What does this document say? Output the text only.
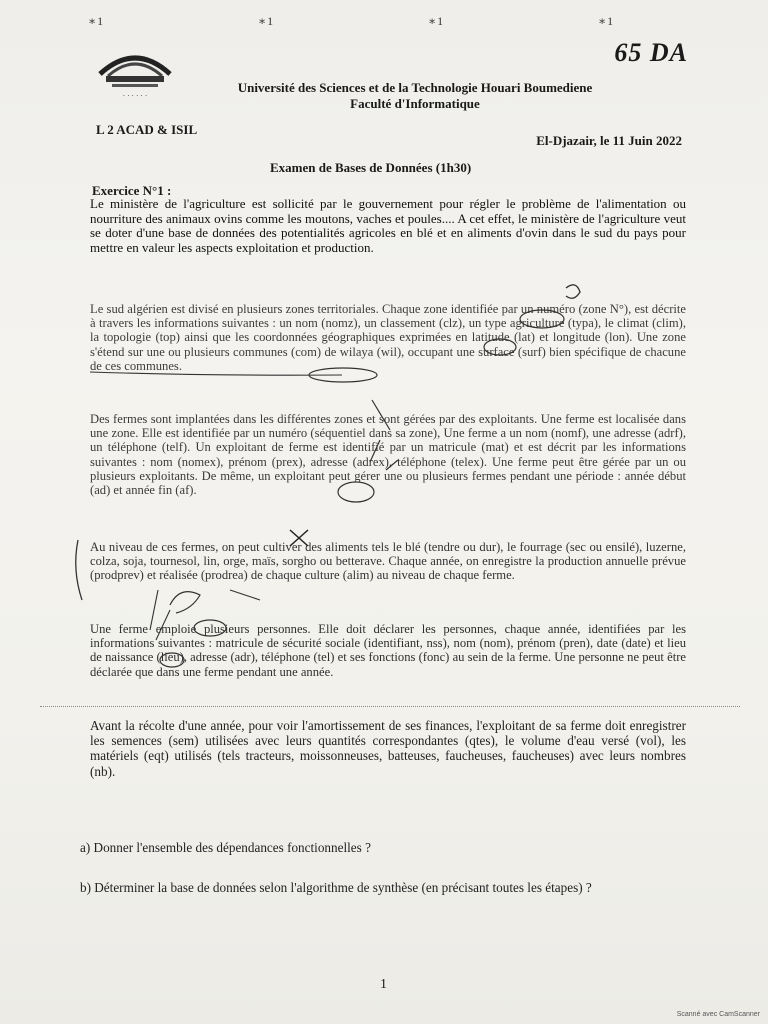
∗1	∗1	∗1	∗1
65 DA
· · · · · ·
Université des Sciences et de la Technologie Houari Boumediene
Faculté d'Informatique
L 2 ACAD & ISIL
El-Djazair, le 11 Juin 2022
Examen de Bases de Données (1h30)
Exercice N°1 :
Le ministère de l'agriculture est sollicité par le gouvernement pour régler le problème de l'alimentation ou nourriture des animaux ovins comme les moutons, vaches et poules.... A cet effet, le ministère de l'agriculture veut se doter d'une base de données des potentialités agricoles en blé et en aliments d'ovin dans le sud du pays pour mettre en valeur les aspects exploitation et production.
Le sud algérien est divisé en plusieurs zones territoriales. Chaque zone identifiée par un numéro (zone N°), est décrite à travers les informations suivantes : un nom (nomz), un classement (clz), un type agriculture (typa), le climat (clim), la topologie (top) ainsi que les coordonnées géographiques exprimées en latitude (lat) et longitude (lon). Une zone s'étend sur une ou plusieurs communes (com) de wilaya (wil), occupant une surface (surf) bien spécifique de chacune de ces communes.
Des fermes sont implantées dans les différentes zones et sont gérées par des exploitants. Une ferme est localisée dans une zone. Elle est identifiée par un numéro (séquentiel dans sa zone), Une ferme a un nom (nomf), une adresse (adrf), un téléphone (telf). Un exploitant de ferme est identifié par un matricule (mat) et est décrit par les informations suivantes : nom (nomex), prénom (prex), adresse (adrex), téléphone (telex). Une ferme peut être gérée par un ou plusieurs exploitants. De même, un exploitant peut gérer une ou plusieurs fermes pendant une période : année début (ad) et année fin (af).
Au niveau de ces fermes, on peut cultiver des aliments tels le blé (tendre ou dur), le fourrage (sec ou ensilé), luzerne, colza, soja, tournesol, lin, orge, maïs, sorgho ou betterave. Chaque année, on enregistre la production annuelle prévue (prodprev) et réalisée (prodrea) de chaque culture (alim) au niveau de chaque ferme.
Une ferme emploie plusieurs personnes. Elle doit déclarer les personnes, chaque année, identifiées par les informations suivantes : matricule de sécurité sociale (identifiant, nss), nom (nom), prénom (pren), date (date) et lieu de naissance (lieu), adresse (adr), téléphone (tel) et ses fonctions (fonc) au sein de la ferme. Une personne ne peut être déclarée que dans une ferme pendant une année.
Avant la récolte d'une année, pour voir l'amortissement de ses finances, l'exploitant de sa ferme doit enregistrer les semences (sem) utilisées avec leurs quantités correspondantes (qtes), le volume d'eau versé (vol), les matériels (eqt) utilisés (tels tracteurs, moissonneuses, batteuses, faucheuses, faucheuses) avec leurs nombres (nb).
a) Donner l'ensemble des dépendances fonctionnelles ?
b) Déterminer la base de données selon l'algorithme de synthèse (en précisant toutes les étapes) ?
1
Scanné avec CamScanner
